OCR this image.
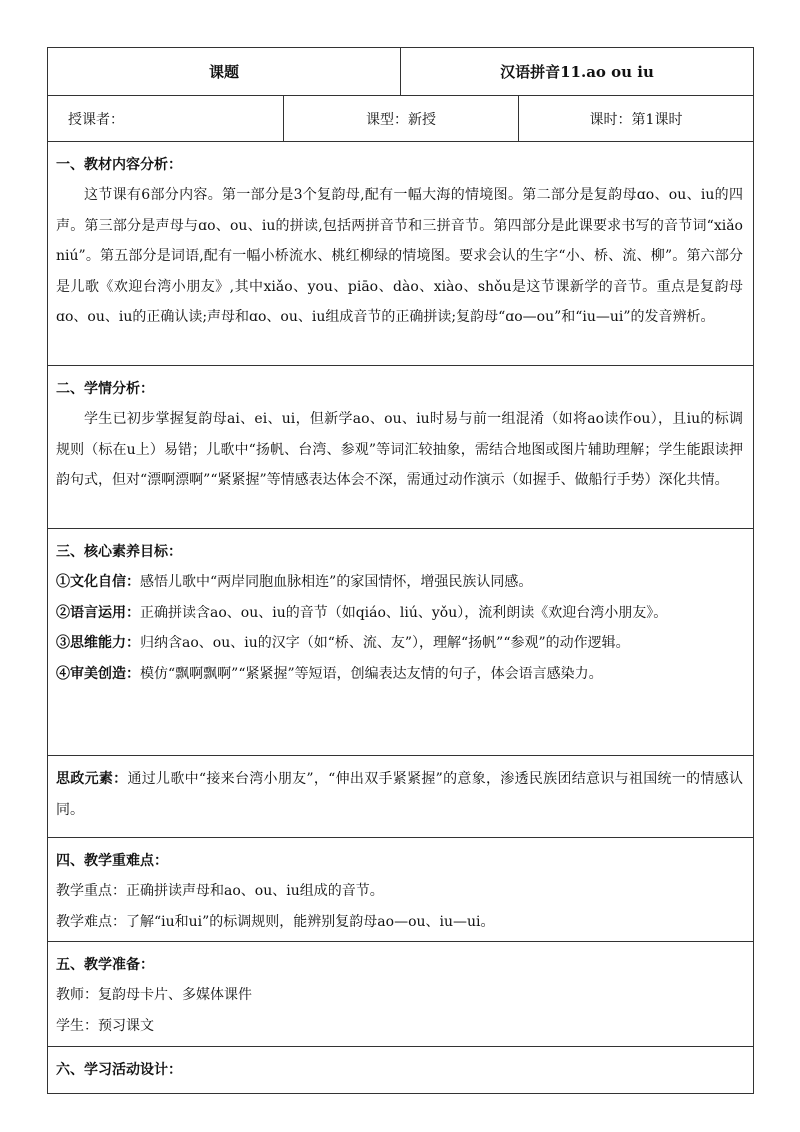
课题	汉语拼音11.ao ou iu
授课者：	课型：新授	课时：第1课时
一、教材内容分析：

这节课有6部分内容。第一部分是3个复韵母,配有一幅大海的情境图。第二部分是复韵母ɑo、ou、iu的四声。第三部分是声母与ɑo、ou、iu的拼读,包括两拼音节和三拼音节。第四部分是此课要求书写的音节词“xiǎo niú”。第五部分是词语,配有一幅小桥流水、桃红柳绿的情境图。要求会认的生字“小、桥、流、柳”。第六部分是儿歌《欢迎台湾小朋友》,其中xiǎo、you、piāo、dào、xiào、shǒu是这节课新学的音节。重点是复韵母ɑo、ou、iu的正确认读;声母和ɑo、ou、iu组成音节的正确拼读;复韵母“ɑo—ou”和“iu—ui”的发音辨析。

二、学情分析：

学生已初步掌握复韵母ai、ei、ui，但新学ao、ou、iu时易与前一组混淆（如将ao读作ou），且iu的标调规则（标在u上）易错；儿歌中“扬帆、台湾、参观”等词汇较抽象，需结合地图或图片辅助理解；学生能跟读押韵句式，但对“漂啊漂啊”“紧紧握”等情感表达体会不深，需通过动作演示（如握手、做船行手势）深化共情。

三、核心素养目标：

①文化自信：感悟儿歌中“两岸同胞血脉相连”的家国情怀，增强民族认同感。

②语言运用：正确拼读含ao、ou、iu的音节（如qiáo、liú、yǒu），流利朗读《欢迎台湾小朋友》。

③思维能力：归纳含ao、ou、iu的汉字（如“桥、流、友”），理解“扬帆”“参观”的动作逻辑。

④审美创造：模仿“飘啊飘啊”“紧紧握”等短语，创编表达友情的句子，体会语言感染力。

思政元素：通过儿歌中“接来台湾小朋友”，“伸出双手紧紧握”的意象，渗透民族团结意识与祖国统一的情感认同。

四、教学重难点：

教学重点：正确拼读声母和ao、ou、iu组成的音节。

教学难点：了解“iu和ui”的标调规则，能辨别复韵母ao—ou、iu—ui。

五、教学准备：

教师：复韵母卡片、多媒体课件

学生：预习课文

六、学习活动设计：
